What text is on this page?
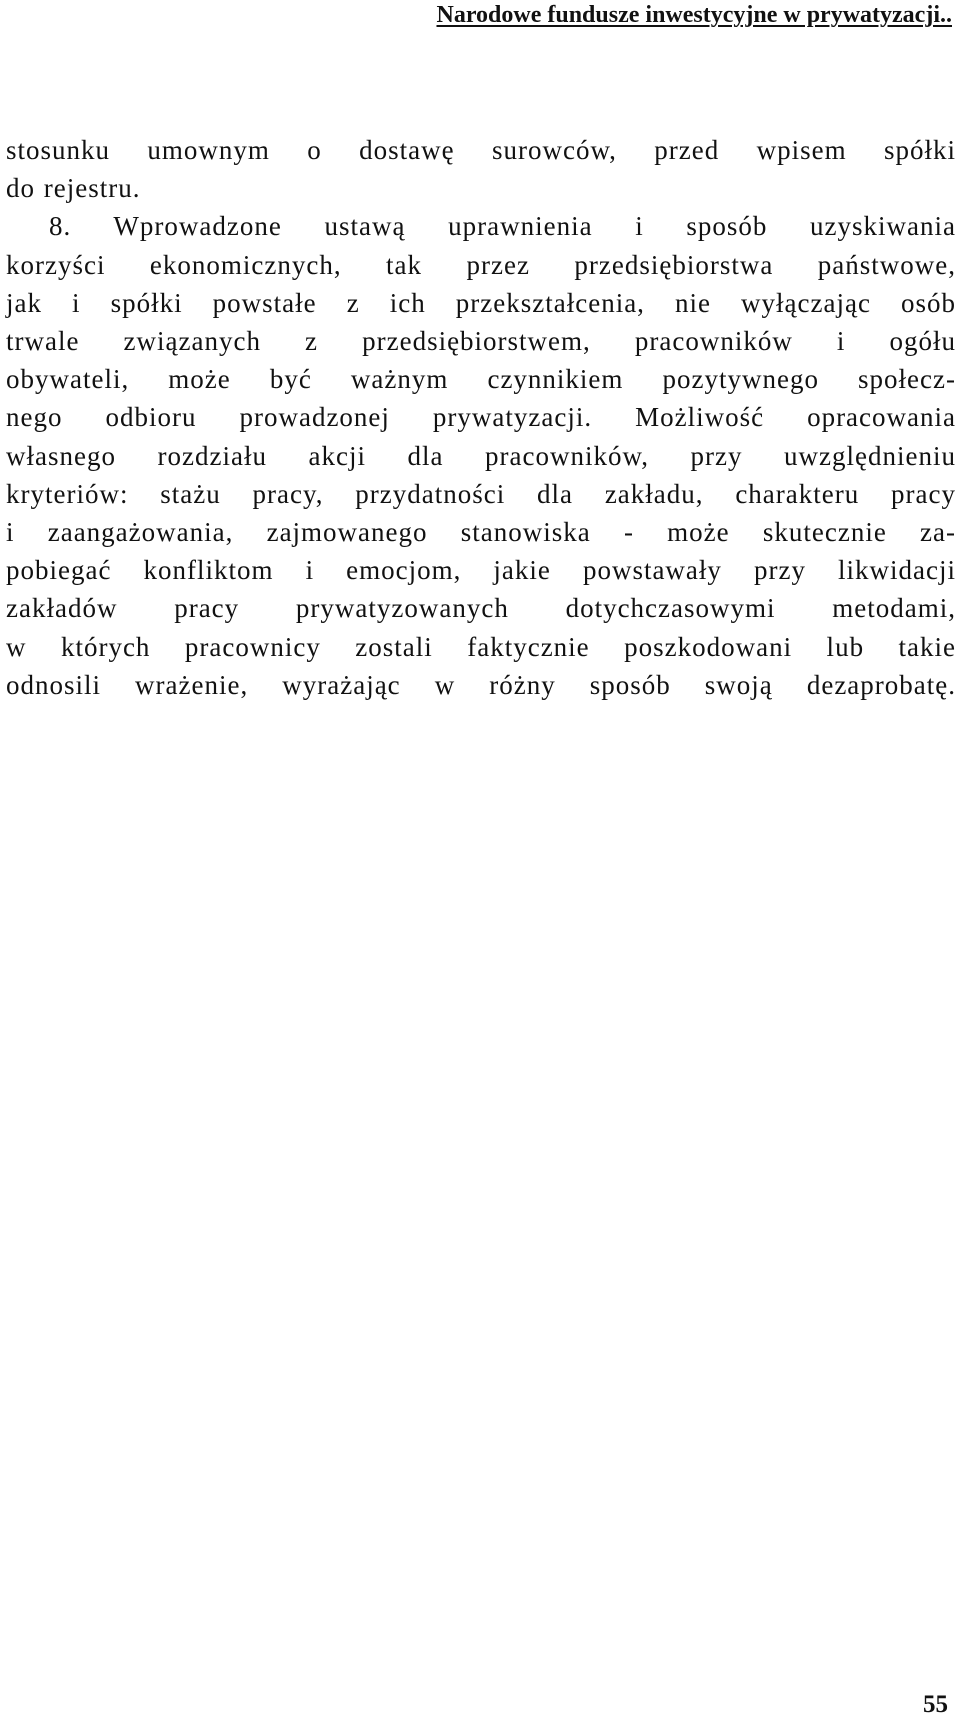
Narodowe fundusze inwestycyjne w prywatyzacji..

stosunku umownym o dostawę surowców, przed wpisem spółki
do rejestru.
8. Wprowadzone ustawą uprawnienia i sposób uzyskiwania
korzyści ekonomicznych, tak przez przedsiębiorstwa państwowe,
jak i spółki powstałe z ich przekształcenia, nie wyłączając osób
trwale związanych z przedsiębiorstwem, pracowników i ogółu
obywateli, może być ważnym czynnikiem pozytywnego społecz-
nego odbioru prowadzonej prywatyzacji. Możliwość opracowania
własnego rozdziału akcji dla pracowników, przy uwzględnieniu
kryteriów: stażu pracy, przydatności dla zakładu, charakteru pracy
i zaangażowania, zajmowanego stanowiska - może skutecznie za-
pobiegać konfliktom i emocjom, jakie powstawały przy likwidacji
zakładów pracy prywatyzowanych dotychczasowymi metodami,
w których pracownicy zostali faktycznie poszkodowani lub takie
odnosili wrażenie, wyrażając w różny sposób swoją dezaprobatę.

55
